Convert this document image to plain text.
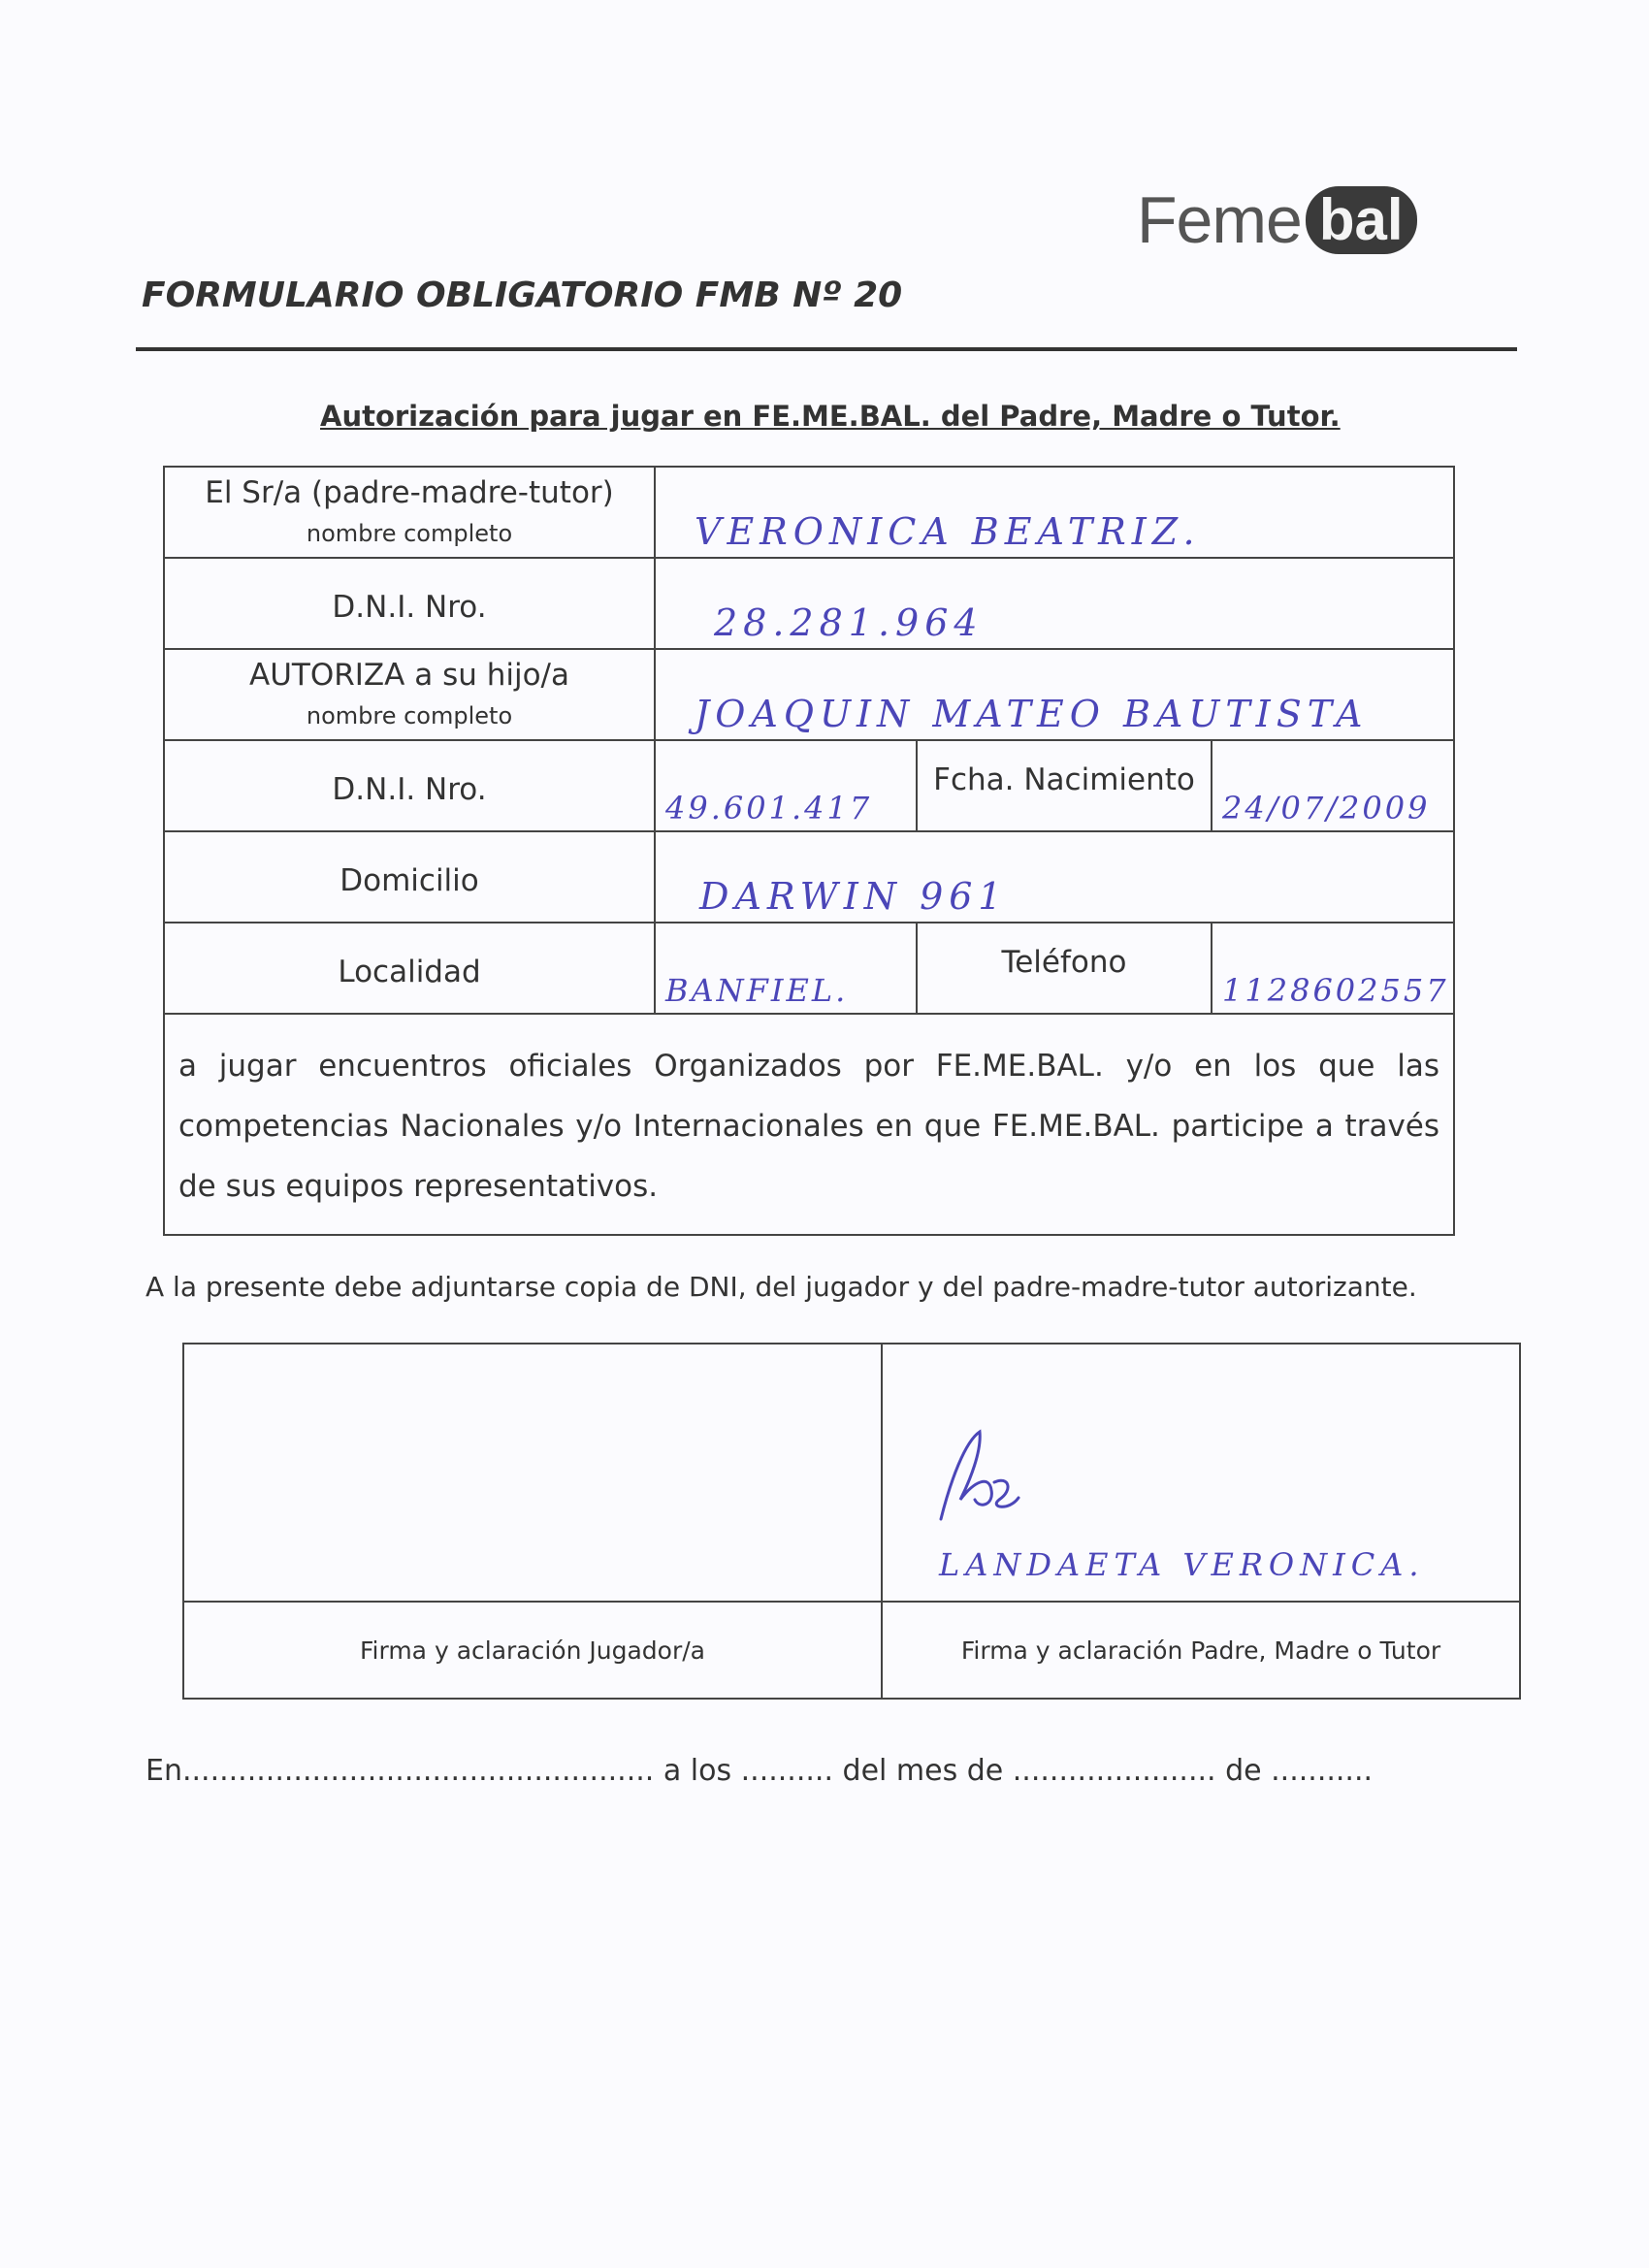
Feme bal
FORMULARIO OBLIGATORIO FMB Nº 20
Autorización para jugar en FE.ME.BAL. del Padre, Madre o Tutor.
El Sr/a (padre-madre-tutor)
nombre completo	VERONICA BEATRIZ.		

D.N.I. Nro.	28.281.964		

AUTORIZA a su hijo/a
nombre completo	JOAQUIN MATEO BAUTISTA		

D.N.I. Nro.	49.601.417	Fcha. Nacimiento	24/07/2009

Domicilio	DARWIN 961		

Localidad	BANFIEL.	Teléfono	1128602557

a jugar encuentros oficiales Organizados por FE.ME.BAL. y/o en los que las competencias Nacionales y/o Internacionales en que FE.ME.BAL. participe a través de sus equipos representativos.			
A la presente debe adjuntarse copia de DNI, del jugador y del padre-madre-tutor autorizante.

	LANDAETA VERONICA.

Firma y aclaración Jugador/a	Firma y aclaración Padre, Madre o Tutor
En................................................... a los .......... del mes de ...................... de ...........
